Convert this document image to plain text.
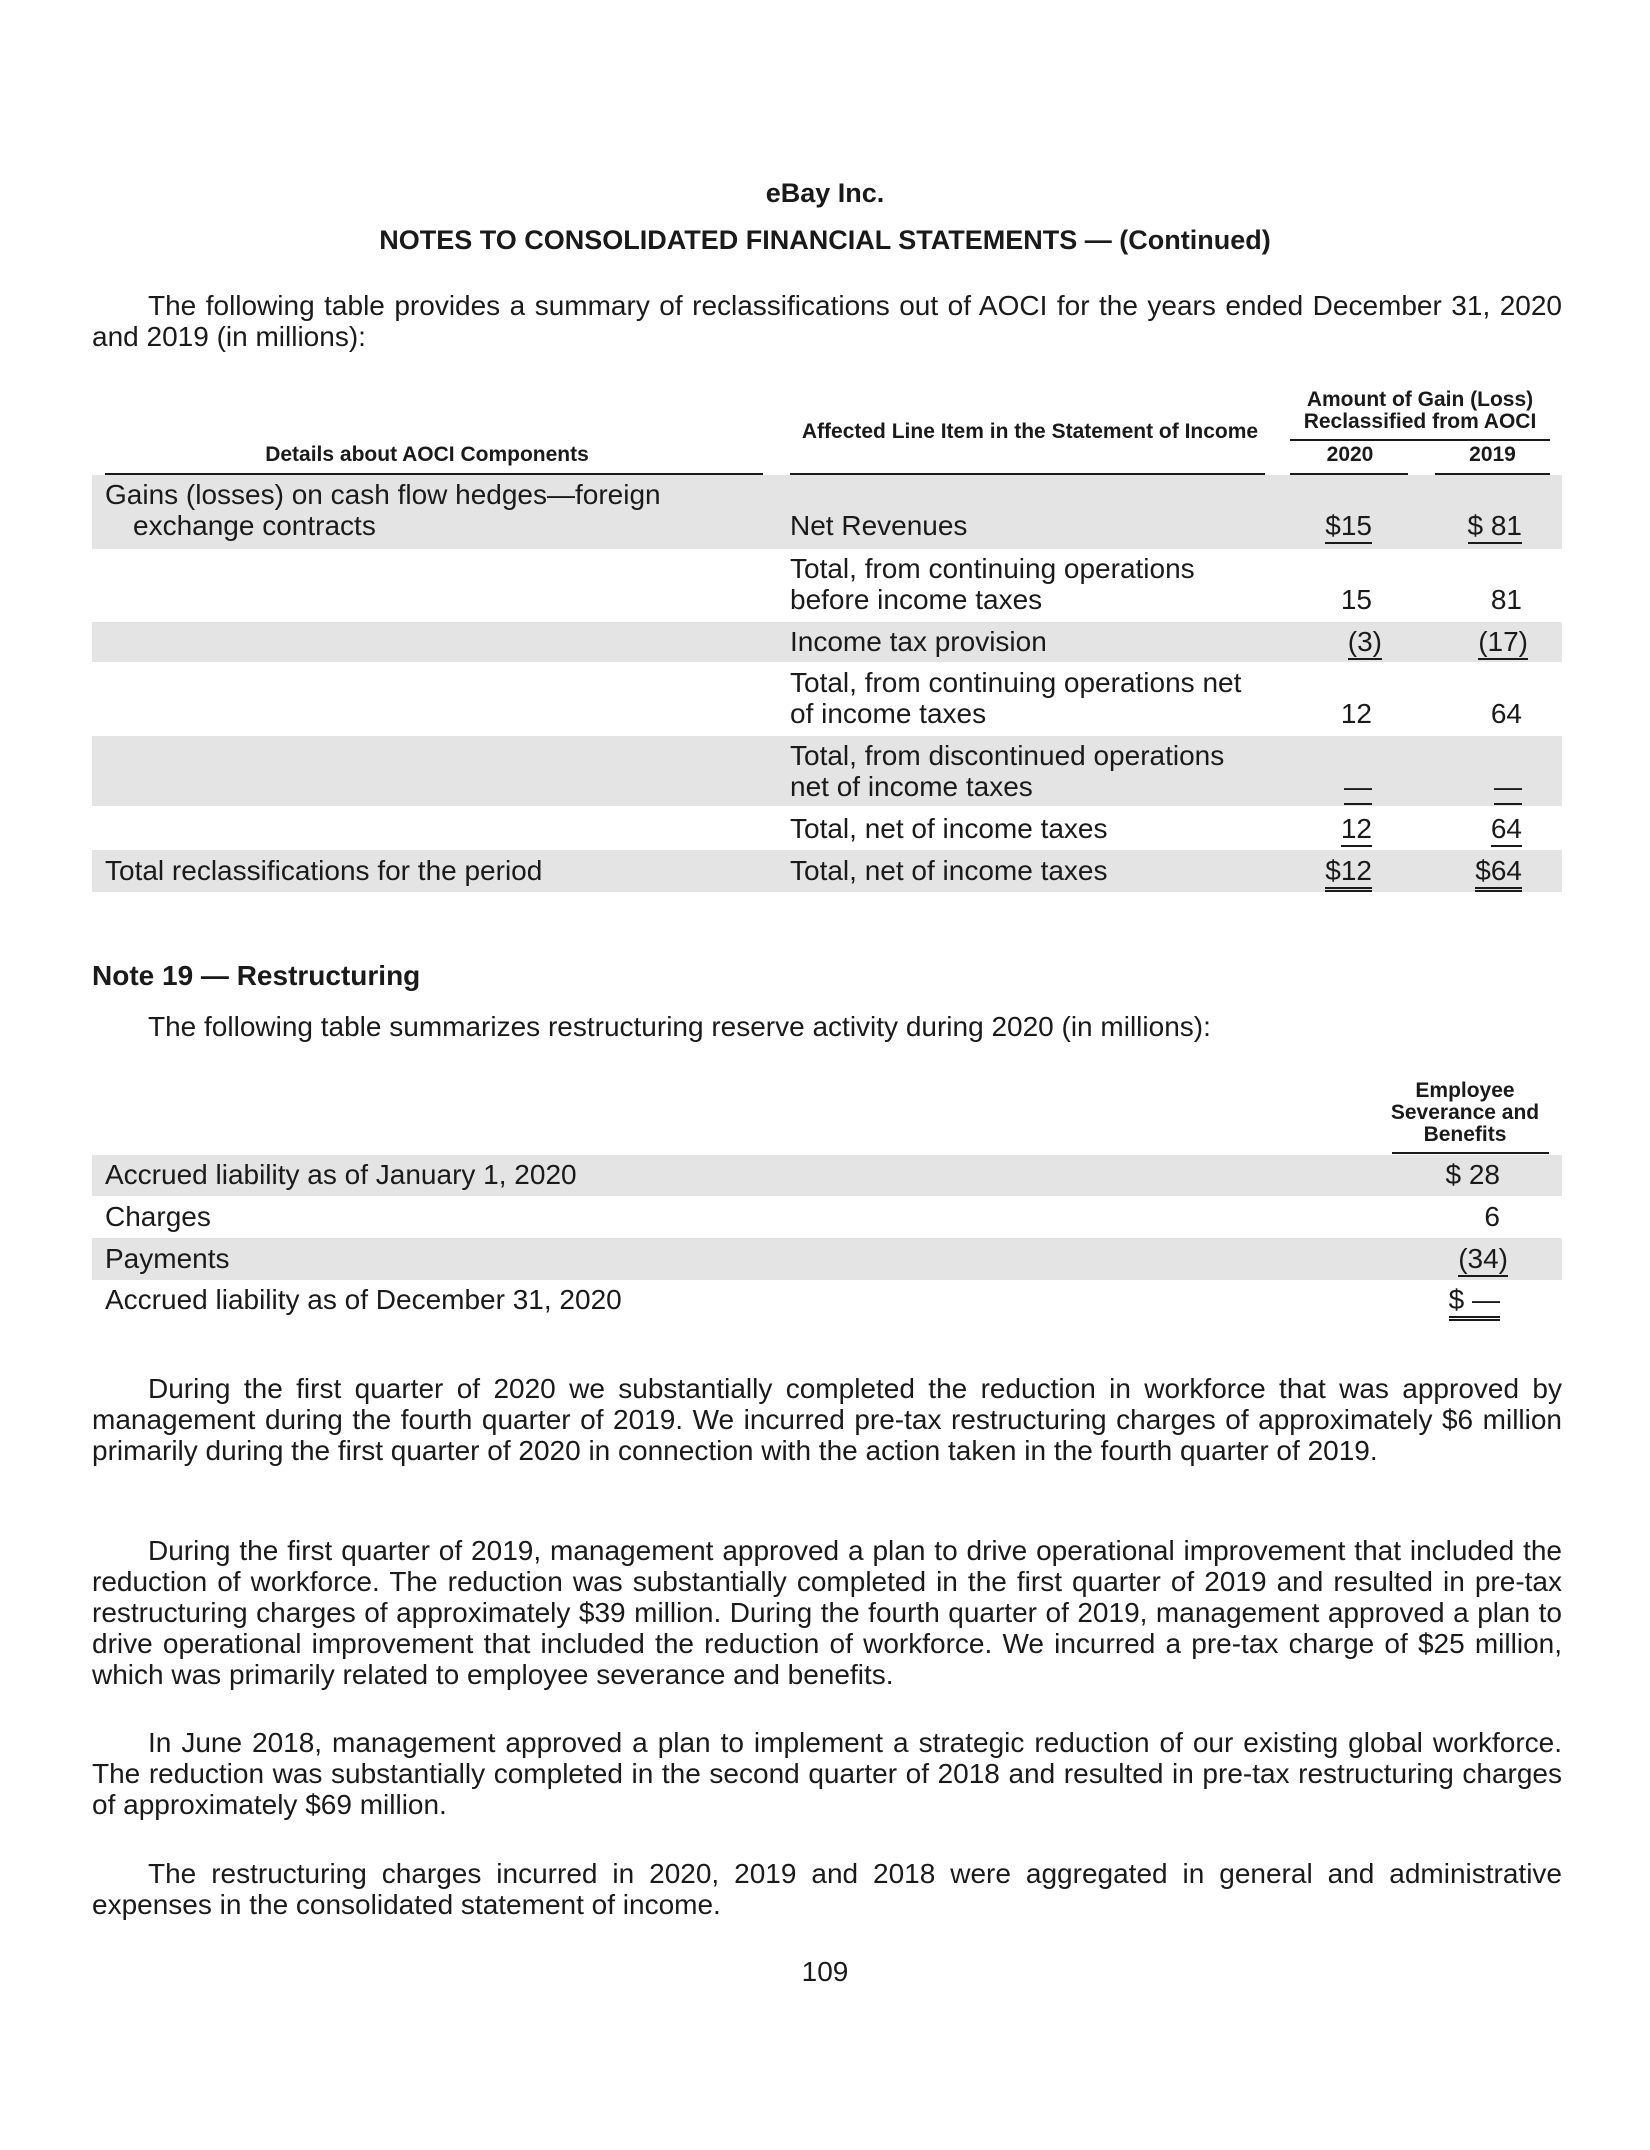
eBay Inc.
NOTES TO CONSOLIDATED FINANCIAL STATEMENTS — (Continued)
The following table provides a summary of reclassifications out of AOCI for the years ended December 31, 2020 and 2019 (in millions):
Details about AOCI Components
Affected Line Item in the Statement of Income
Amount of Gain (Loss) Reclassified from AOCI
2020	2019
Gains (losses) on cash flow hedges—foreign exchange contracts	Net Revenues	$15	$ 81
Total, from continuing operations before income taxes	15	81
Income tax provision	(3)	(17)
Total, from continuing operations net of income taxes	12	64
Total, from discontinued operations net of income taxes	—	—
Total, net of income taxes	12	64
Total reclassifications for the period	Total, net of income taxes	$12	$64
Note 19 — Restructuring
The following table summarizes restructuring reserve activity during 2020 (in millions):
Employee Severance and Benefits
Accrued liability as of January 1, 2020	$ 28
Charges	6
Payments	(34)
Accrued liability as of December 31, 2020	$ —
During the first quarter of 2020 we substantially completed the reduction in workforce that was approved by management during the fourth quarter of 2019. We incurred pre-tax restructuring charges of approximately $6 million primarily during the first quarter of 2020 in connection with the action taken in the fourth quarter of 2019.
During the first quarter of 2019, management approved a plan to drive operational improvement that included the reduction of workforce. The reduction was substantially completed in the first quarter of 2019 and resulted in pre-tax restructuring charges of approximately $39 million. During the fourth quarter of 2019, management approved a plan to drive operational improvement that included the reduction of workforce. We incurred a pre-tax charge of $25 million, which was primarily related to employee severance and benefits.
In June 2018, management approved a plan to implement a strategic reduction of our existing global workforce. The reduction was substantially completed in the second quarter of 2018 and resulted in pre-tax restructuring charges of approximately $69 million.
The restructuring charges incurred in 2020, 2019 and 2018 were aggregated in general and administrative expenses in the consolidated statement of income.
109
